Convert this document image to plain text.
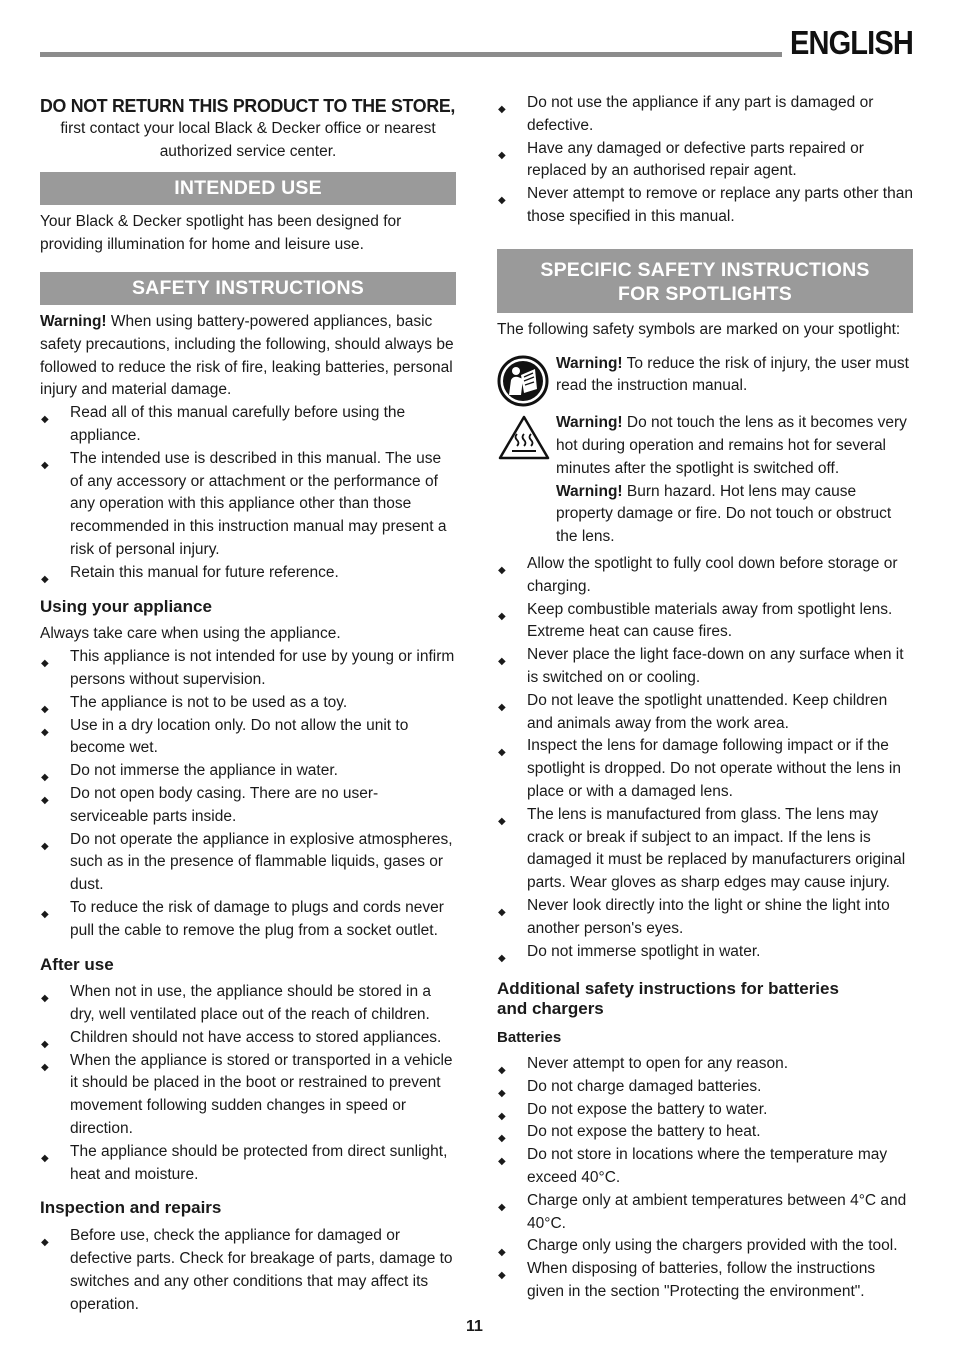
ENGLISH

DO NOT RETURN THIS PRODUCT TO THE STORE,

first contact your local Black & Decker office or nearest authorized service center.

INTENDED USE

Your Black & Decker spotlight has been designed for providing illumination for home and leisure use.

SAFETY INSTRUCTIONS

Warning! When using battery-powered appliances, basic safety precautions, including the following, should always be followed to reduce the risk of fire, leaking batteries, personal injury and material damage.

◆ Read all of this manual carefully before using the appliance.
◆ The intended use is described in this manual. The use of any accessory or attachment or the performance of any operation with this appliance other than those recommended in this instruction manual may present a risk of personal injury.
◆ Retain this manual for future reference.

Using your appliance

Always take care when using the appliance.

◆ This appliance is not intended for use by young or infirm persons without supervision.
◆ The appliance is not to be used as a toy.
◆ Use in a dry location only. Do not allow the unit to become wet.
◆ Do not immerse the appliance in water.
◆ Do not open body casing. There are no user-serviceable parts inside.
◆ Do not operate the appliance in explosive atmospheres, such as in the presence of flammable liquids, gases or dust.
◆ To reduce the risk of damage to plugs and cords never pull the cable to remove the plug from a socket outlet.

After use

◆ When not in use, the appliance should be stored in a dry, well ventilated place out of the reach of children.
◆ Children should not have access to stored appliances.
◆ When the appliance is stored or transported in a vehicle it should be placed in the boot or restrained to prevent movement following sudden changes in speed or direction.
◆ The appliance should be protected from direct sunlight, heat and moisture.

Inspection and repairs

◆ Before use, check the appliance for damaged or defective parts. Check for breakage of parts, damage to switches and any other conditions that may affect its operation.
◆ Do not use the appliance if any part is damaged or defective.
◆ Have any damaged or defective parts repaired or replaced by an authorised repair agent.
◆ Never attempt to remove or replace any parts other than those specified in this manual.
SPECIFIC SAFETY INSTRUCTIONS
FOR SPOTLIGHTS

The following safety symbols are marked on your spotlight:

Warning! To reduce the risk of injury, the user must read the instruction manual.

Warning! Do not touch the lens as it becomes very hot during operation and remains hot for several minutes after the spotlight is switched off.

Warning! Burn hazard. Hot lens may cause property damage or fire. Do not touch or obstruct the lens.

◆ Allow the spotlight to fully cool down before storage or charging.
◆ Keep combustible materials away from spotlight lens. Extreme heat can cause fires.
◆ Never place the light face-down on any surface when it is switched on or cooling.
◆ Do not leave the spotlight unattended. Keep children and animals away from the work area.
◆ Inspect the lens for damage following impact or if the spotlight is dropped. Do not operate without the lens in place or with a damaged lens.
◆ The lens is manufactured from glass. The lens may crack or break if subject to an impact. If the lens is damaged it must be replaced by manufacturers original parts. Wear gloves as sharp edges may cause injury.
◆ Never look directly into the light or shine the light into another person's eyes.
◆ Do not immerse spotlight in water.

Additional safety instructions for batteries and chargers

Batteries

◆ Never attempt to open for any reason.
◆ Do not charge damaged batteries.
◆ Do not expose the battery to water.
◆ Do not expose the battery to heat.
◆ Do not store in locations where the temperature may exceed 40°C.
◆ Charge only at ambient temperatures between 4°C and 40°C.
◆ Charge only using the chargers provided with the tool.
◆ When disposing of batteries, follow the instructions given in the section "Protecting the environment".
11
